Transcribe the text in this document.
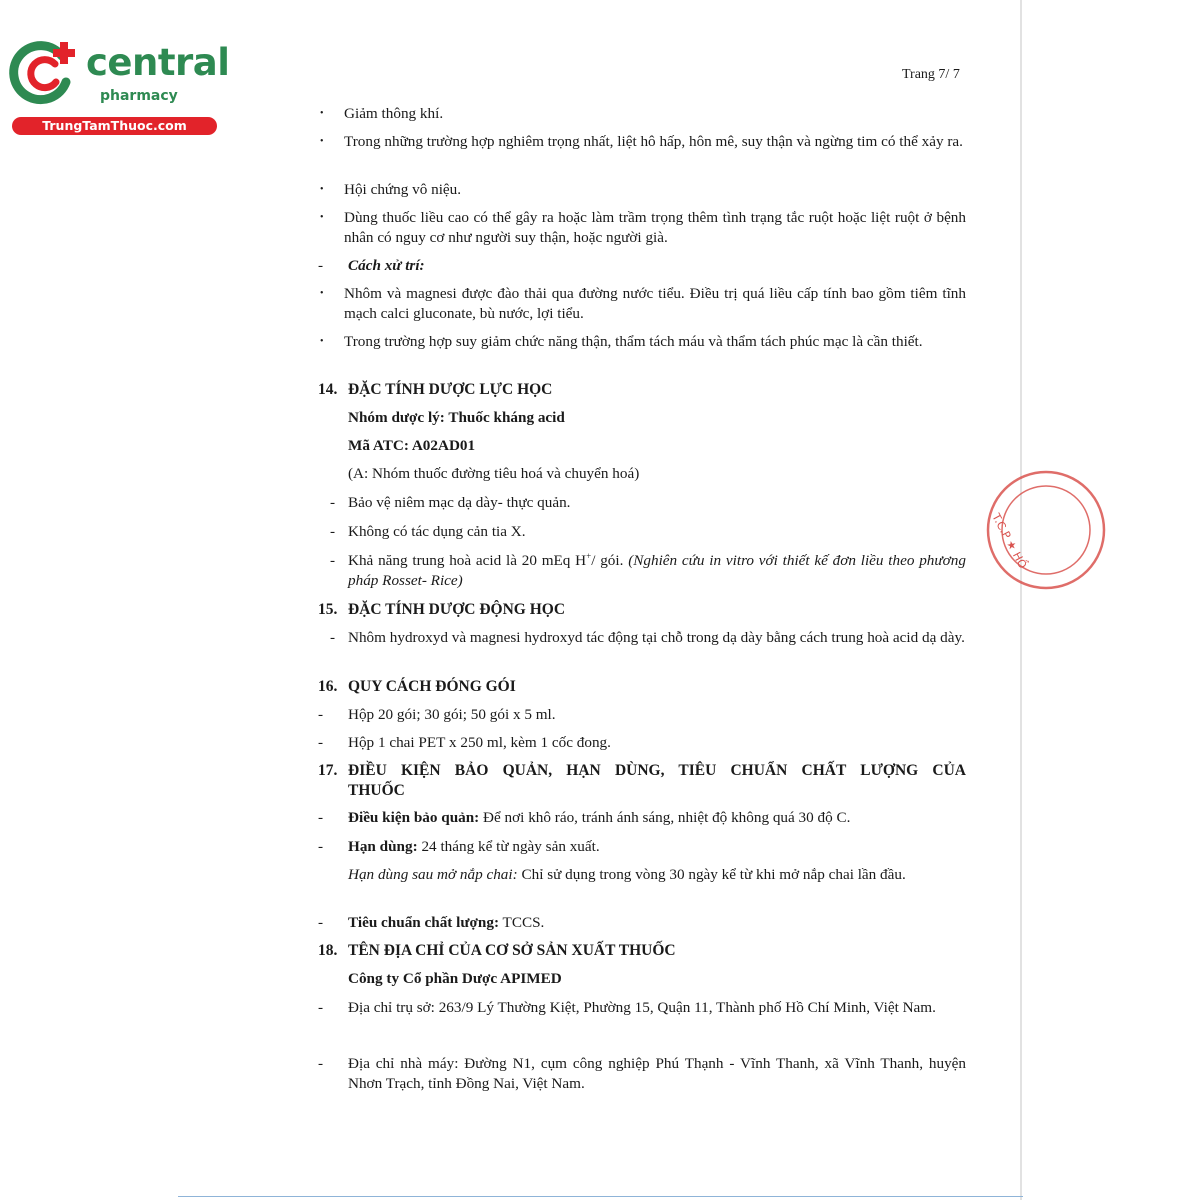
central
pharmacy
TrungTamThuoc.com
Trang 7/ 7
• Giảm thông khí.

• Trong những trường hợp nghiêm trọng nhất, liệt hô hấp, hôn mê, suy thận và ngừng tim có thể xảy ra.

• Hội chứng vô niệu.

• Dùng thuốc liều cao có thể gây ra hoặc làm trầm trọng thêm tình trạng tắc ruột hoặc liệt ruột ở bệnh nhân có nguy cơ như người suy thận, hoặc người già.

- Cách xử trí:

• Nhôm và magnesi được đào thải qua đường nước tiểu. Điều trị quá liều cấp tính bao gồm tiêm tĩnh mạch calci gluconate, bù nước, lợi tiểu.

• Trong trường hợp suy giảm chức năng thận, thẩm tách máu và thẩm tách phúc mạc là cần thiết.

14. ĐẶC TÍNH DƯỢC LỰC HỌC

Nhóm dược lý: Thuốc kháng acid

Mã ATC: A02AD01

(A: Nhóm thuốc đường tiêu hoá và chuyển hoá)

- Bảo vệ niêm mạc dạ dày- thực quản.

- Không có tác dụng cản tia X.

- Khả năng trung hoà acid là 20 mEq H+/ gói. (Nghiên cứu in vitro với thiết kế đơn liều theo phương pháp Rosset- Rice)

15. ĐẶC TÍNH DƯỢC ĐỘNG HỌC
- Nhôm hydroxyd và magnesi hydroxyd tác động tại chỗ trong dạ dày bằng cách trung hoà acid dạ dày.

16. QUY CÁCH ĐÓNG GÓI
- Hộp 20 gói; 30 gói; 50 gói x 5 ml.

- Hộp 1 chai PET x 250 ml, kèm 1 cốc đong.

17. ĐIỀU KIỆN BẢO QUẢN, HẠN DÙNG, TIÊU CHUẨN CHẤT LƯỢNG CỦA
THUỐC
- Điều kiện bảo quản: Để nơi khô ráo, tránh ánh sáng, nhiệt độ không quá 30 độ C.

- Hạn dùng: 24 tháng kể từ ngày sản xuất.

Hạn dùng sau mở nắp chai: Chỉ sử dụng trong vòng 30 ngày kể từ khi mở nắp chai lần đầu.

- Tiêu chuẩn chất lượng: TCCS.

18. TÊN ĐỊA CHỈ CỦA CƠ SỞ SẢN XUẤT THUỐC

Công ty Cổ phần Dược APIMED

- Địa chỉ trụ sở: 263/9 Lý Thường Kiệt, Phường 15, Quận 11, Thành phố Hồ Chí Minh, Việt Nam.

- Địa chỉ nhà máy: Đường N1, cụm công nghiệp Phú Thạnh - Vĩnh Thanh, xã Vĩnh Thanh, huyện Nhơn Trạch, tỉnh Đồng Nai, Việt Nam.

T.C.P ★ HỒ
